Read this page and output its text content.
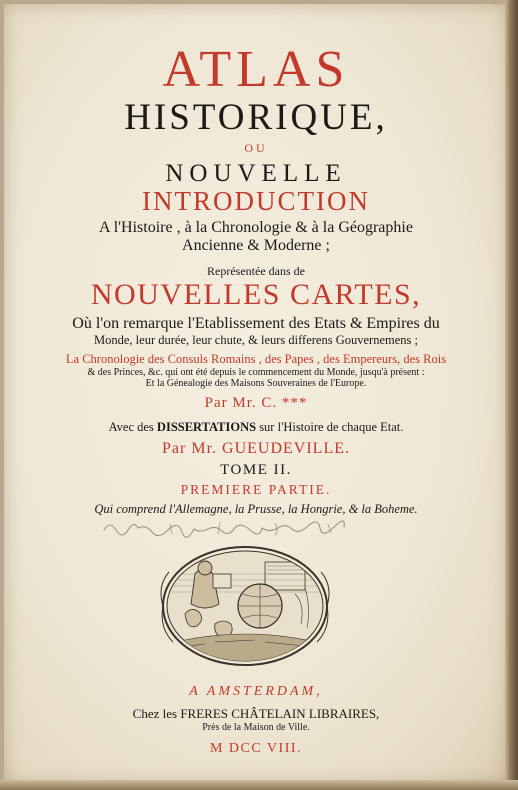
ATLAS
HISTORIQUE,
OU
NOUVELLE
INTRODUCTION
A l'Histoire , à la Chronologie & à la Géographie
Ancienne & Moderne ;
Représentée dans de
NOUVELLES CARTES,
Où l'on remarque l'Etablissement des Etats & Empires du
Monde, leur durée, leur chute, & leurs differens Gouvernemens ;
La Chronologie des Consuls Romains , des Papes , des Empereurs, des Rois
& des Princes, &c. qui ont été depuis le commencement du Monde, jusqu'à présent :
Et la Génealogie des Maisons Souveraines de l'Europe.
Par Mr. C. ***
Avec des DISSERTATIONS sur l'Histoire de chaque Etat.
Par Mr. GUEUDEVILLE.
TOME II.
PREMIERE PARTIE.
Qui comprend l'Allemagne, la Prusse, la Hongrie, & la Boheme.
A AMSTERDAM,
Chez les FRERES CHÂTELAIN LIBRAIRES,
Près de la Maison de Ville.
M DCC VIII.
